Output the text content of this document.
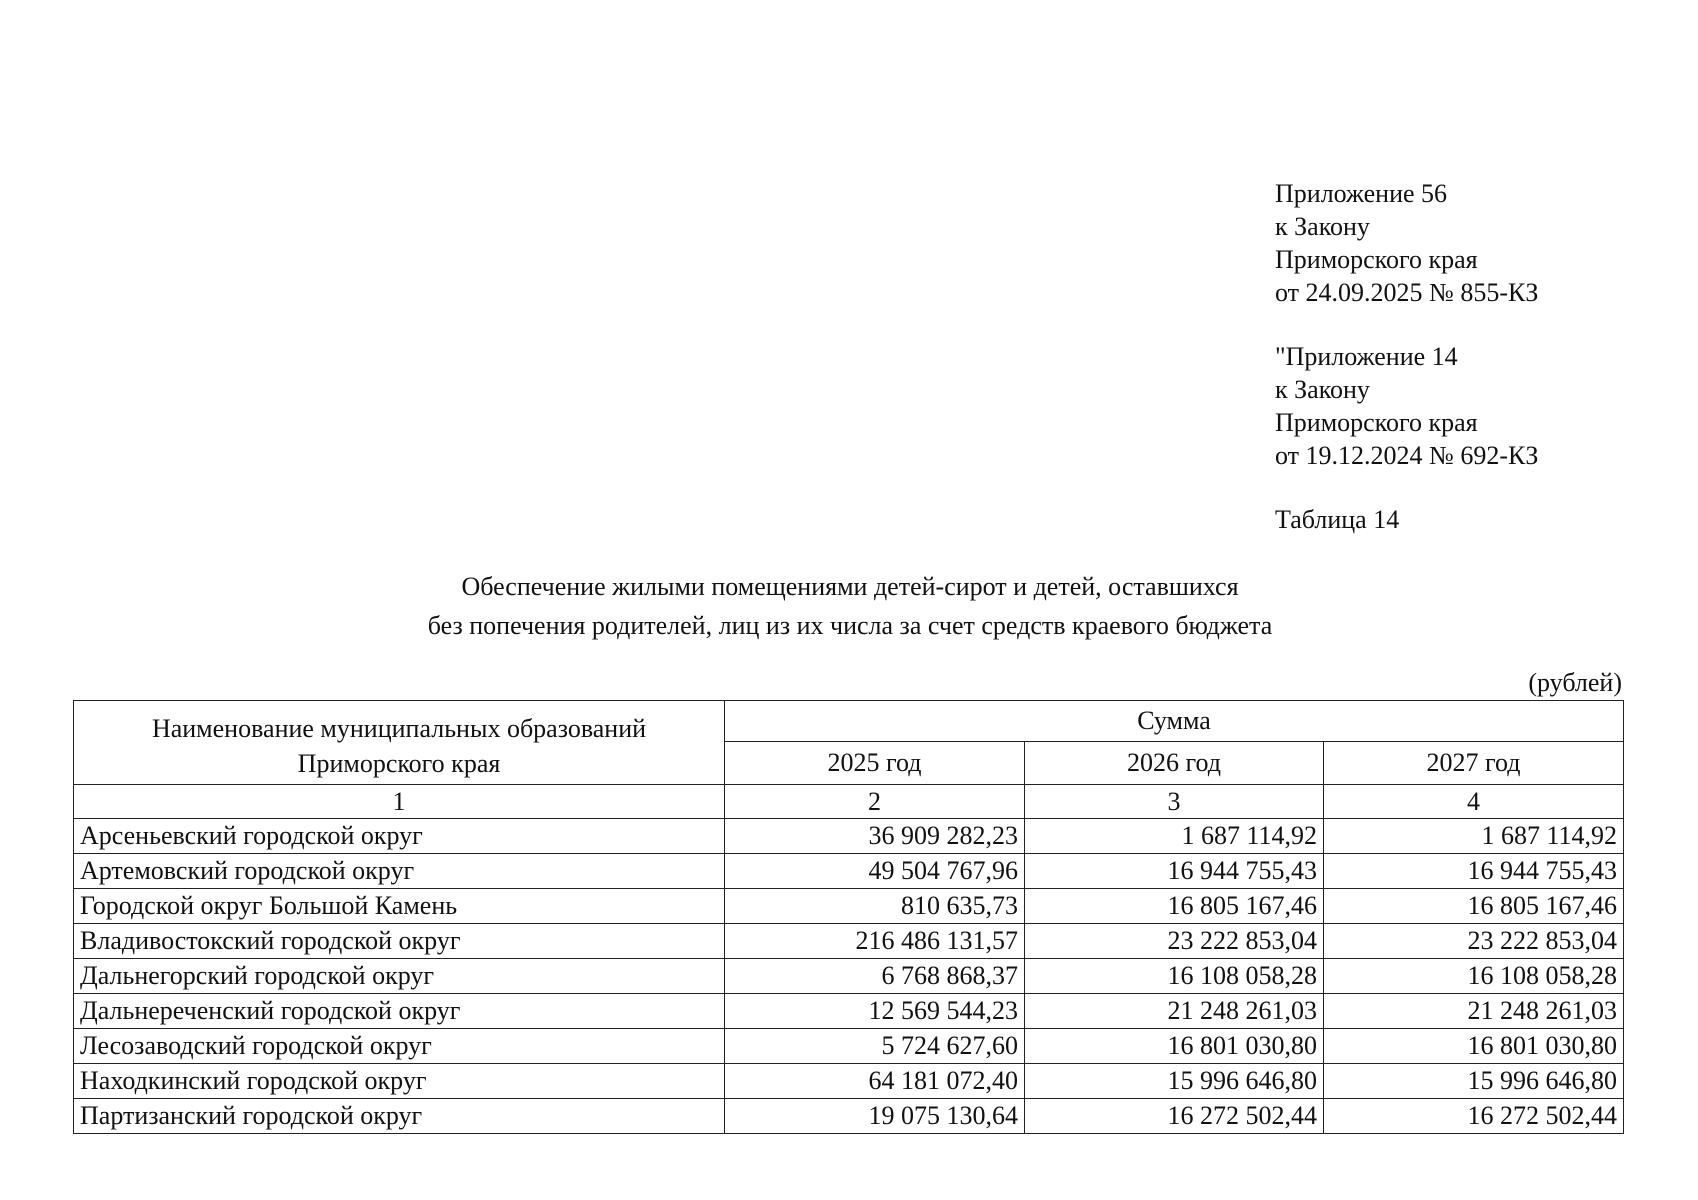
Приложение 56
к Закону
Приморского края
от 24.09.2025 № 855-КЗ
"Приложение 14
к Закону
Приморского края
от 19.12.2024 № 692-КЗ
Таблица 14
Обеспечение жилыми помещениями детей-сирот и детей, оставшихся
без попечения родителей, лиц из их числа за счет средств краевого бюджета
(рублей)
Наименование муниципальных образований Приморского края	Сумма		
	2025 год	2026 год	2027 год
1	2	3	4
Арсеньевский городской округ	36 909 282,23	1 687 114,92	1 687 114,92
Артемовский городской округ	49 504 767,96	16 944 755,43	16 944 755,43
Городской округ Большой Камень	810 635,73	16 805 167,46	16 805 167,46
Владивостокский городской округ	216 486 131,57	23 222 853,04	23 222 853,04
Дальнегорский городской округ	6 768 868,37	16 108 058,28	16 108 058,28
Дальнереченский городской округ	12 569 544,23	21 248 261,03	21 248 261,03
Лесозаводский городской округ	5 724 627,60	16 801 030,80	16 801 030,80
Находкинский городской округ	64 181 072,40	15 996 646,80	15 996 646,80
Партизанский городской округ	19 075 130,64	16 272 502,44	16 272 502,44
